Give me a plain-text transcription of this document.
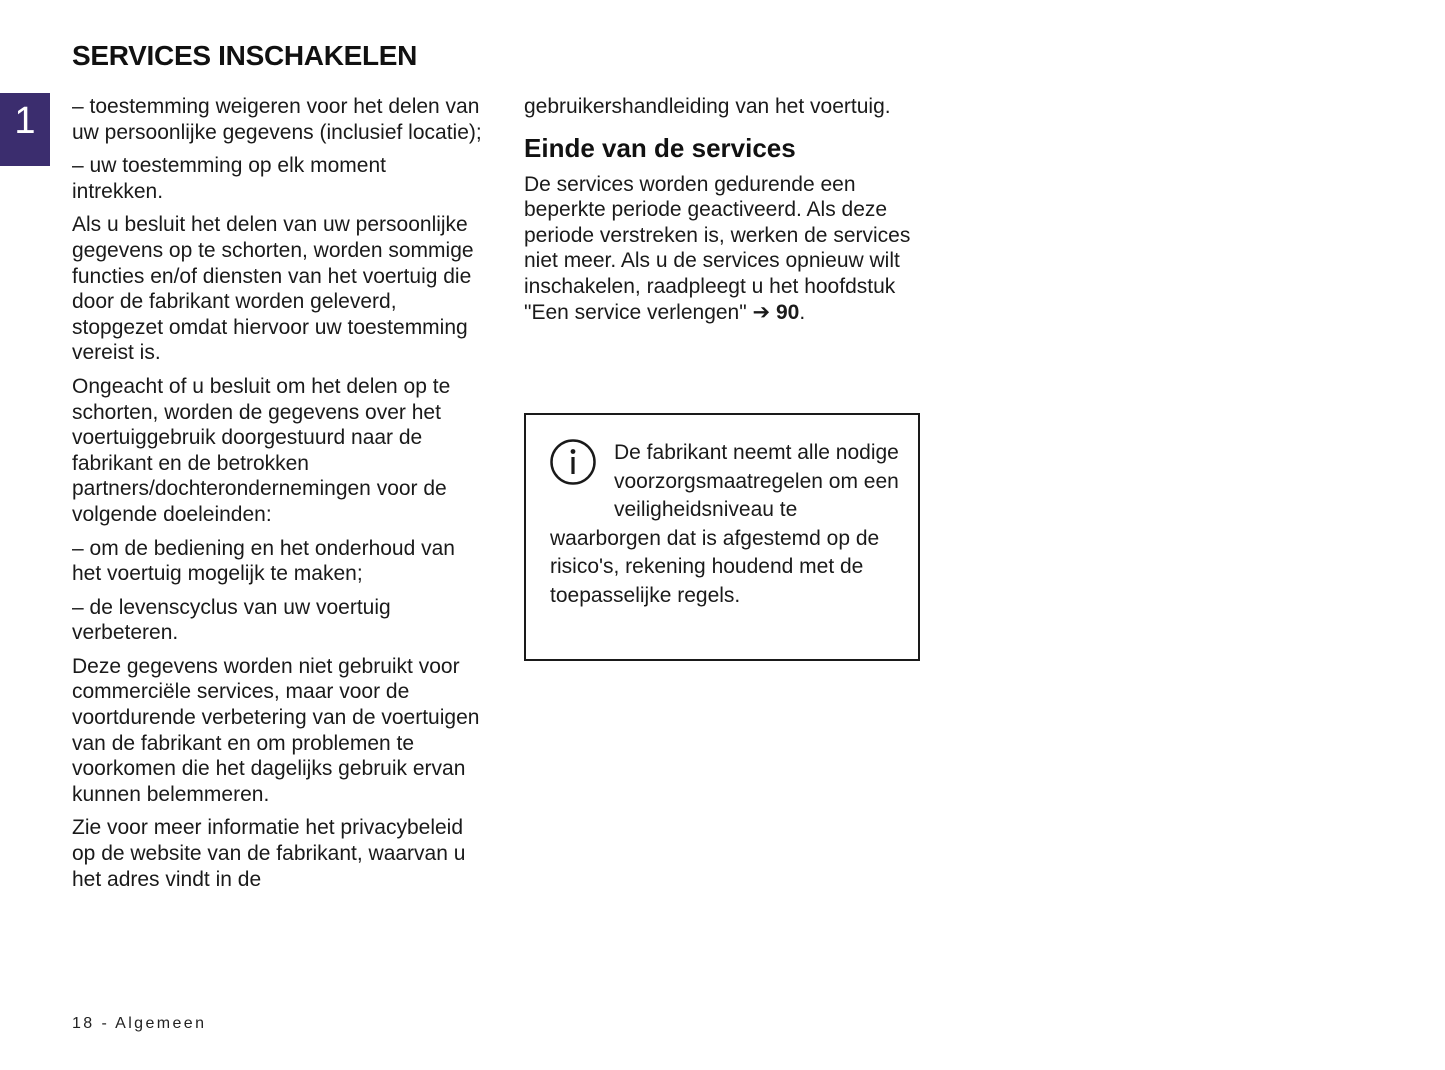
SERVICES INSCHAKELEN
1	– toestemming weigeren voor het delen van uw persoonlijke gegevens (inclusief locatie);

– uw toestemming op elk moment intrekken.

Als u besluit het delen van uw persoonlijke gegevens op te schorten, worden sommige functies en/of diensten van het voertuig die door de fabrikant worden geleverd, stopgezet omdat hiervoor uw toestemming vereist is.

Ongeacht of u besluit om het delen op te schorten, worden de gegevens over het voertuiggebruik doorgestuurd naar de fabrikant en de betrokken partners/dochterondernemingen voor de volgende doeleinden:

– om de bediening en het onderhoud van het voertuig mogelijk te maken;

– de levenscyclus van uw voertuig verbeteren.

Deze gegevens worden niet gebruikt voor commerciële services, maar voor de voortdurende verbetering van de voertuigen van de fabrikant en om problemen te voorkomen die het dagelijks gebruik ervan kunnen belemmeren.

Zie voor meer informatie het privacybeleid op de website van de fabrikant, waarvan u het adres vindt in de

gebruikershandleiding van het voertuig.

Einde van de services

De services worden gedurende een beperkte periode geactiveerd. Als deze periode verstreken is, werken de services niet meer. Als u de services opnieuw wilt inschakelen, raadpleegt u het hoofdstuk "Een service verlengen" ➔ 90.

De fabrikant neemt alle nodige voorzorgsmaatregelen om een veiligheidsniveau te waarborgen dat is afgestemd op de risico's, rekening houdend met de toepasselijke regels.

18 - Algemeen
